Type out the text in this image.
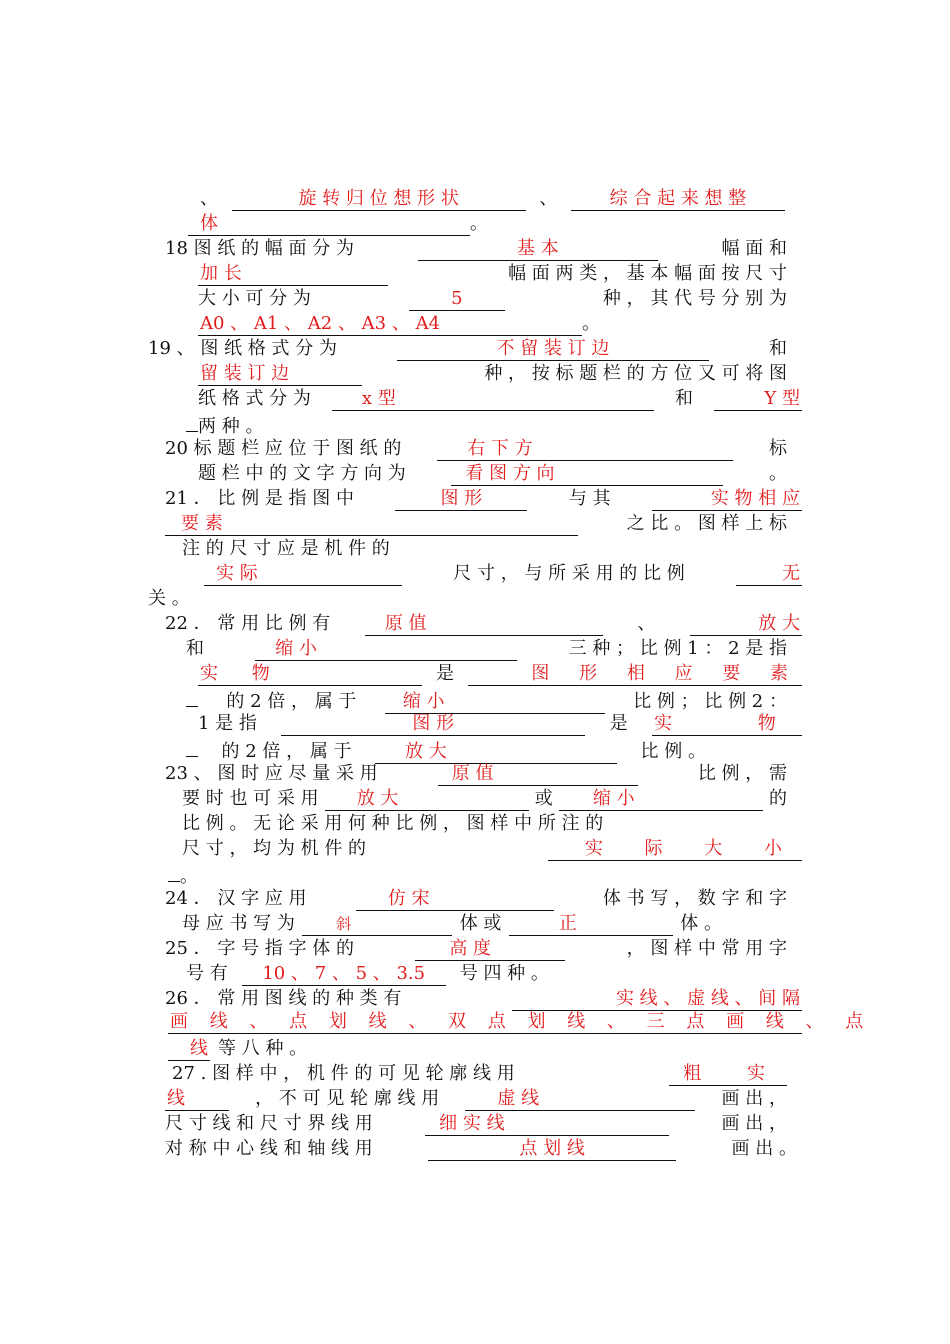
、	旋 转 归 位 想 形 状	、	综 合 起 来 想 整
体	。
18 图 纸 的 幅 面 分 为	基 本	幅 面 和
加 长	幅 面 两 类 ， 基 本 幅 面 按 尺 寸
大 小 可 分 为	5	种 ， 其 代 号 分 别 为
A0 、 A1 、 A2 、 A3 、 A4	。
19 、 图 纸 格 式 分 为	不 留 装 订 边	和
留 装 订 边	种 ， 按 标 题 栏 的 方 位 又 可 将 图
纸 格 式 分 为	x 型	和	Y 型
两 种 。
20 标 题 栏 应 位 于 图 纸 的	右 下 方	标
题 栏 中 的 文 字 方 向 为	看 图 方 向	。
21 ． 比 例 是 指 图 中	图 形	与 其	实 物 相 应
要 素	之 比 。 图 样 上 标
注 的 尺 寸 应 是 机 件 的
实 际	尺 寸 ， 与 所 采 用 的 比 例	无
关 。
22 ． 常 用 比 例 有	原 值	、	放 大
和	缩 小	三 种 ； 比 例 1 ： 2 是 指
实 物	是	图 形 相 应 要 素
的 2 倍 ， 属 于	缩 小	比 例 ； 比 例 2 ：
1 是 指	图 形	是 实 物
的 2 倍 ， 属 于	放 大	比 例 。
23 、 图 时 应 尽 量 采 用	原 值	比 例 ， 需
要 时 也 可 采 用	放 大	或	缩 小	的
比 例 。 无 论 采 用 何 种 比 例 ， 图 样 中 所 注 的
尺 寸 ， 均 为 机 件 的	实 际 大 小
。
24 ． 汉 字 应 用	仿 宋	体 书 写 ， 数 字 和 字
母 应 书 写 为	斜	体 或	正	体 。
25 ． 字 号 指 字 体 的	高 度	， 图 样 中 常 用 字
号 有	10 、 7 、 5 、 3.5	号 四 种 。
26 ． 常 用 图 线 的 种 类 有	实 线 、 虚 线 、 间 隔
画 线 、 点 划 线 、 双 点 划 线 、 三 点 画 线 、 点
线 等 八 种 。
27 . 图 样 中 ， 机 件 的 可 见 轮 廓 线 用	粗 实
线	， 不 可 见 轮 廓 线 用	虚 线	画 出 ，
尺 寸 线 和 尺 寸 界 线 用	细 实 线	画 出 ，
对 称 中 心 线 和 轴 线 用	点 划 线	画 出 。
